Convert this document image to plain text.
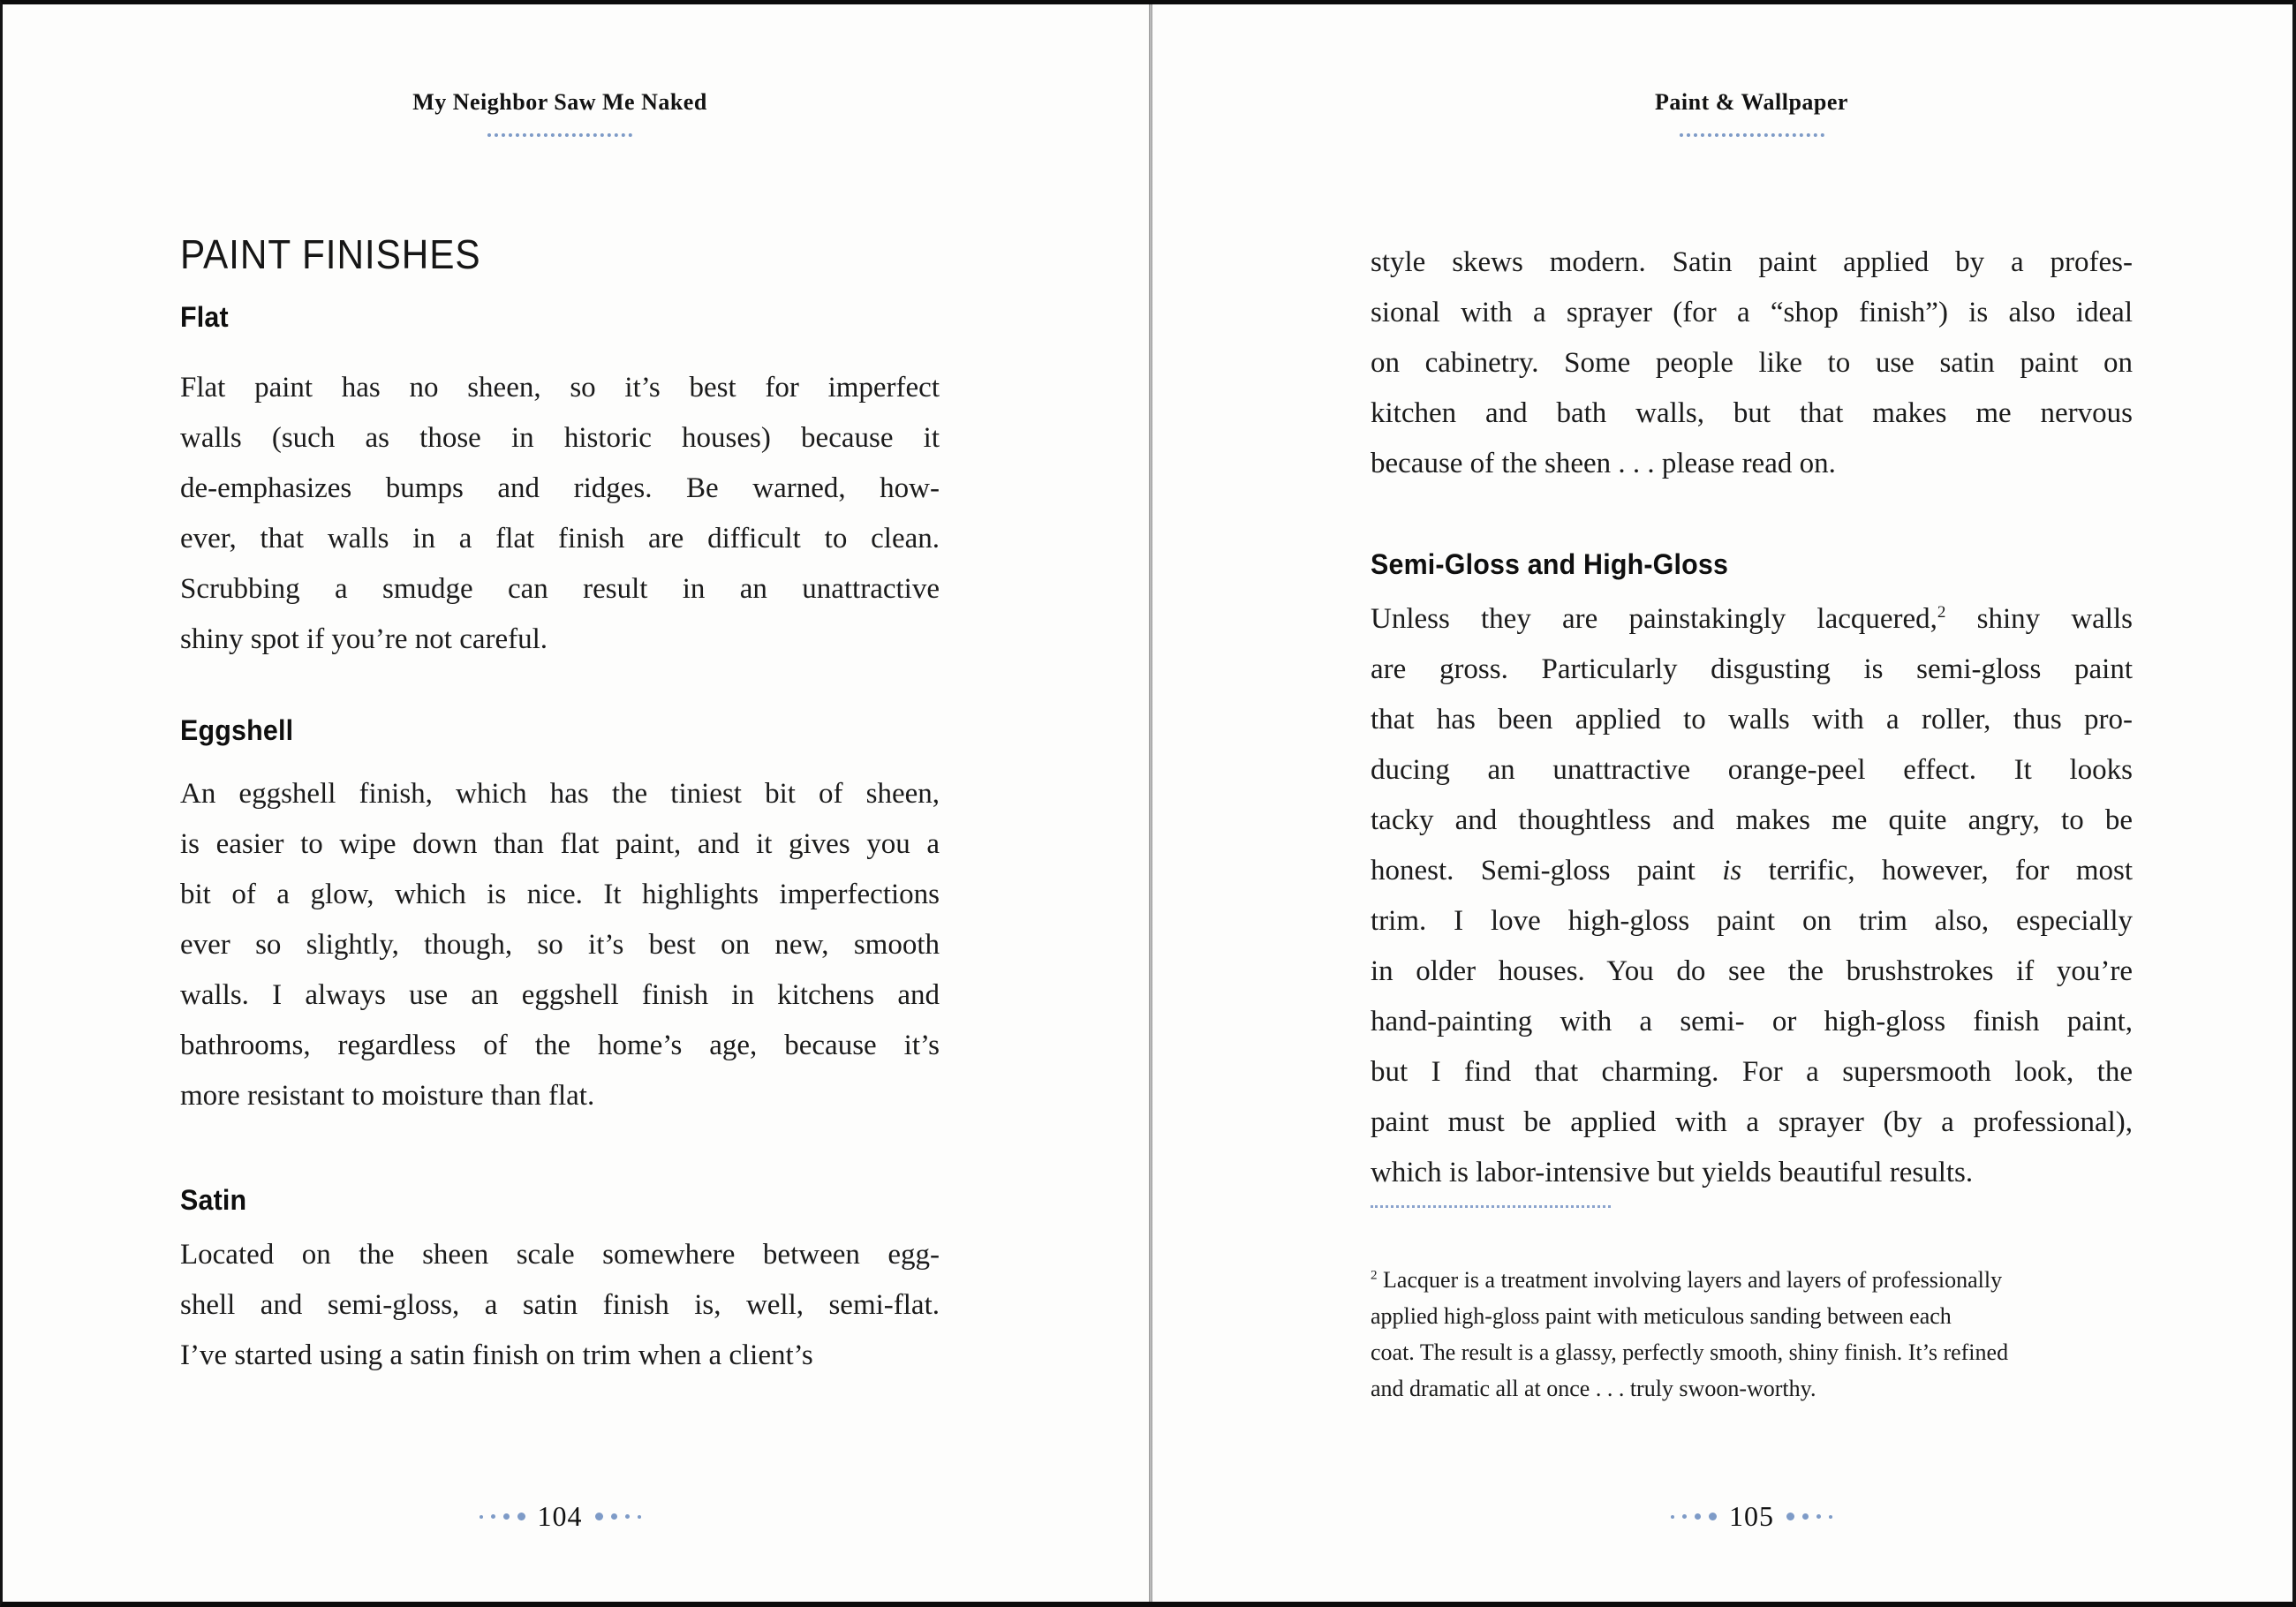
My Neighbor Saw Me Naked
PAINT FINISHES
Flat
Flat paint has no sheen, so it’s best for imperfect
walls (such as those in historic houses) because it
de-emphasizes bumps and ridges. Be warned, how-
ever, that walls in a flat finish are difficult to clean.
Scrubbing a smudge can result in an unattractive
shiny spot if you’re not careful.
Eggshell
An eggshell finish, which has the tiniest bit of sheen,
is easier to wipe down than flat paint, and it gives you a
bit of a glow, which is nice. It highlights imperfections
ever so slightly, though, so it’s best on new, smooth
walls. I always use an eggshell finish in kitchens and
bathrooms, regardless of the home’s age, because it’s
more resistant to moisture than flat.
Satin
Located on the sheen scale somewhere between egg-
shell and semi-gloss, a satin finish is, well, semi-flat.
I’ve started using a satin finish on trim when a client’s
104
Paint & Wallpaper
style skews modern. Satin paint applied by a profes-
sional with a sprayer (for a “shop finish”) is also ideal
on cabinetry. Some people like to use satin paint on
kitchen and bath walls, but that makes me nervous
because of the sheen . . . please read on.
Semi-Gloss and High-Gloss
Unless they are painstakingly lacquered,$^2$ shiny walls
are gross. Particularly disgusting is semi-gloss paint
that has been applied to walls with a roller, thus pro-
ducing an unattractive orange-peel effect. It looks
tacky and thoughtless and makes me quite angry, to be
honest. Semi-gloss paint is terrific, however, for most
trim. I love high-gloss paint on trim also, especially
in older houses. You do see the brushstrokes if you’re
hand-painting with a semi- or high-gloss finish paint,
but I find that charming. For a supersmooth look, the
paint must be applied with a sprayer (by a professional),
which is labor-intensive but yields beautiful results.
$^2$ Lacquer is a treatment involving layers and layers of professionally
applied high-gloss paint with meticulous sanding between each
coat. The result is a glassy, perfectly smooth, shiny finish. It’s refined
and dramatic all at once . . . truly swoon-worthy.
105
